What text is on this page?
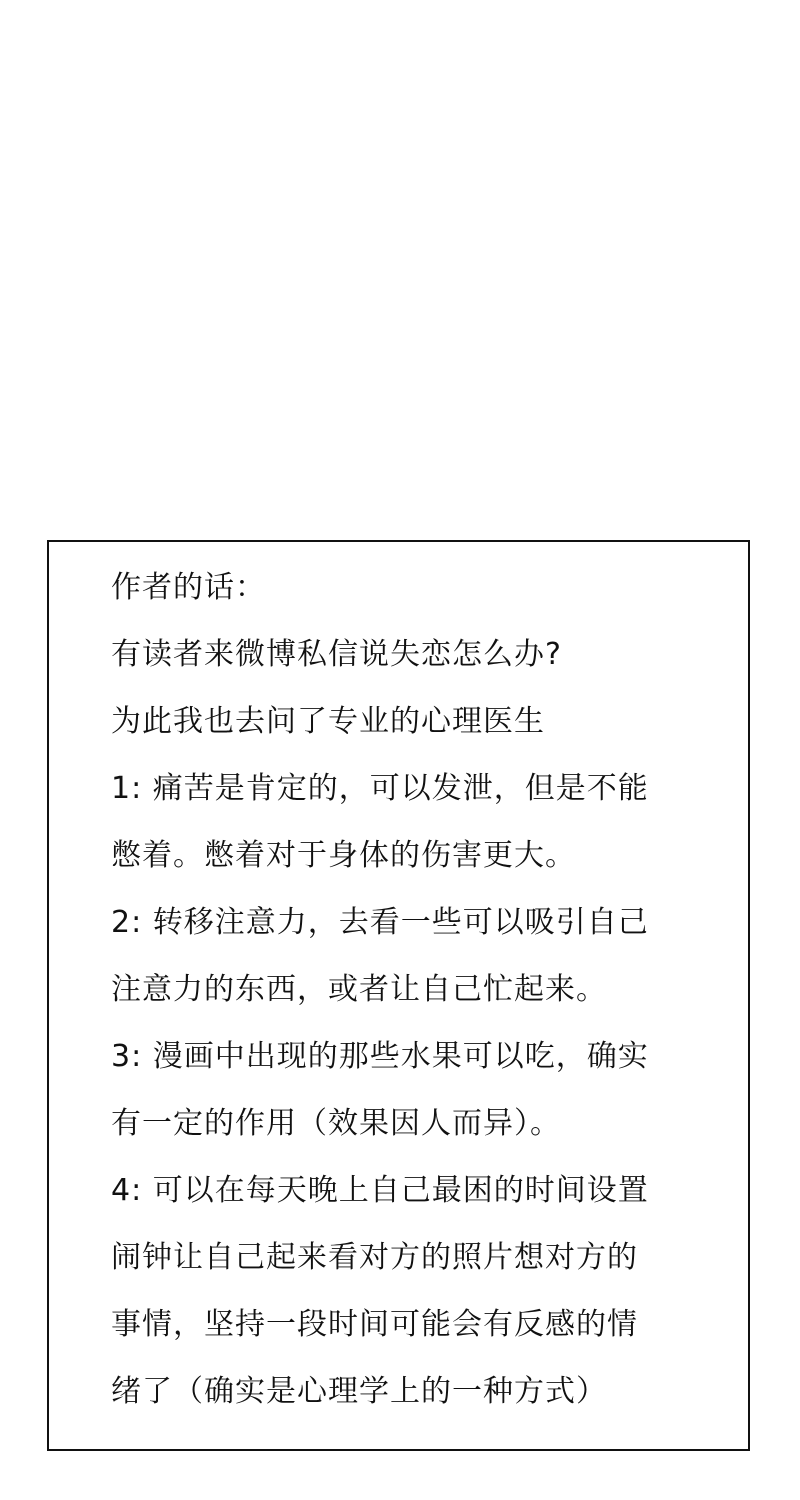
作者的话：
有读者来微博私信说失恋怎么办?
为此我也去问了专业的心理医生
1: 痛苦是肯定的，可以发泄，但是不能
憋着。憋着对于身体的伤害更大。
2: 转移注意力，去看一些可以吸引自己
注意力的东西，或者让自己忙起来。
3: 漫画中出现的那些水果可以吃，确实
有一定的作用（效果因人而异）。
4: 可以在每天晚上自己最困的时间设置
闹钟让自己起来看对方的照片想对方的
事情，坚持一段时间可能会有反感的情
绪了（确实是心理学上的一种方式）
